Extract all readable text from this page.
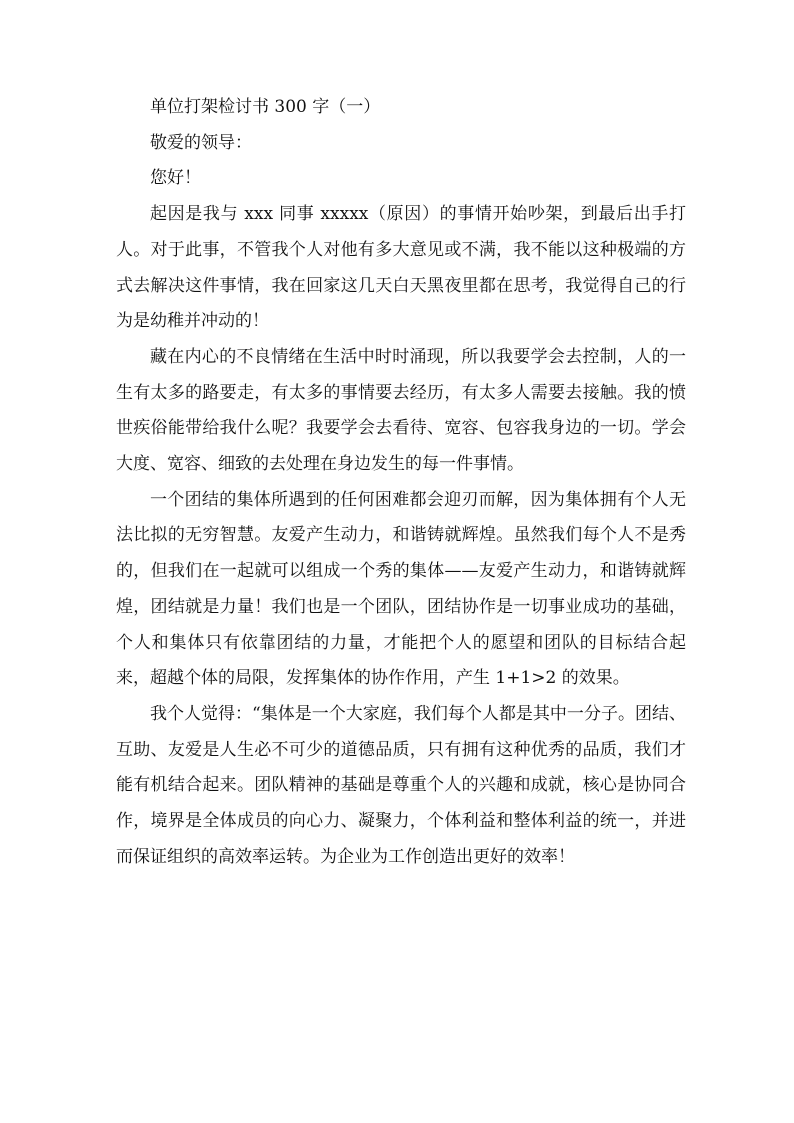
单位打架检讨书 300 字（一）

敬爱的领导：

您好！

起因是我与 xxx 同事 xxxxx（原因）的事情开始吵架，到最后出手打人。对于此事，不管我个人对他有多大意见或不满，我不能以这种极端的方式去解决这件事情，我在回家这几天白天黑夜里都在思考，我觉得自己的行为是幼稚并冲动的！

藏在内心的不良情绪在生活中时时涌现，所以我要学会去控制，人的一生有太多的路要走，有太多的事情要去经历，有太多人需要去接触。我的愤世疾俗能带给我什么呢？我要学会去看待、宽容、包容我身边的一切。学会大度、宽容、细致的去处理在身边发生的每一件事情。

一个团结的集体所遇到的任何困难都会迎刃而解，因为集体拥有个人无法比拟的无穷智慧。友爱产生动力，和谐铸就辉煌。虽然我们每个人不是秀的，但我们在一起就可以组成一个秀的集体——友爱产生动力，和谐铸就辉煌，团结就是力量！我们也是一个团队，团结协作是一切事业成功的基础，个人和集体只有依靠团结的力量，才能把个人的愿望和团队的目标结合起来，超越个体的局限，发挥集体的协作作用，产生 1+1>2 的效果。

我个人觉得：“集体是一个大家庭，我们每个人都是其中一分子。团结、互助、友爱是人生必不可少的道德品质，只有拥有这种优秀的品质，我们才能有机结合起来。团队精神的基础是尊重个人的兴趣和成就，核心是协同合作，境界是全体成员的向心力、凝聚力，个体利益和整体利益的统一，并进而保证组织的高效率运转。为企业为工作创造出更好的效率！
